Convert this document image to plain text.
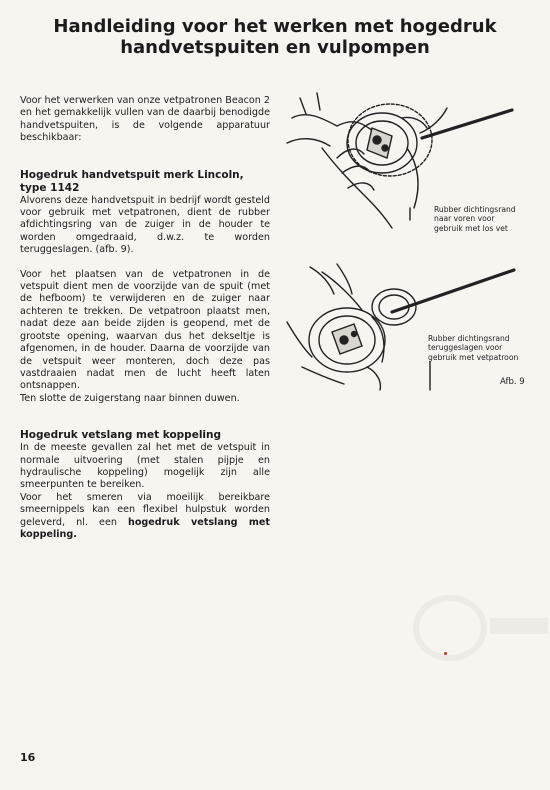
Handleiding voor het werken met hogedruk
handvetspuiten en vulpompen

Voor het verwerken van onze vetpatronen Beacon 2 en het gemakkelijk vullen van de daarbij benodigde handvetspuiten, is de volgende apparatuur beschikbaar:

Hogedruk handvetspuit merk Lincoln,
type 1142

Alvorens deze handvetspuit in bedrijf wordt gesteld voor gebruik met vetpatronen, dient de rubber afdichtingsring van de zuiger in de houder te worden omgedraaid, d.w.z. te worden teruggeslagen. (afb. 9).

Voor het plaatsen van de vetpatronen in de vetspuit dient men de voorzijde van de spuit (met de hefboom) te verwijderen en de zuiger naar achteren te trekken. De vetpatroon plaatst men, nadat deze aan beide zijden is geopend, met de grootste opening, waarvan dus het dekseltje is afgenomen, in de houder. Daarna de voorzijde van de vetspuit weer monteren, doch deze pas vastdraaien nadat men de lucht heeft laten ontsnappen.

Ten slotte de zuigerstang naar binnen duwen.

Hogedruk vetslang met koppeling

In de meeste gevallen zal het met de vetspuit in normale uitvoering (met stalen pijpje en hydraulische koppeling) mogelijk zijn alle smeerpunten te bereiken.

Voor het smeren via moeilijk bereikbare smeernippels kan een flexibel hulpstuk worden geleverd, nl. een hogedruk vetslang met koppeling.

Rubber dichtingsrand
naar voren voor
gebruik met los vet
Rubber dichtingsrand
teruggeslagen voor
gebruik met vetpatroon
Afb. 9
16
